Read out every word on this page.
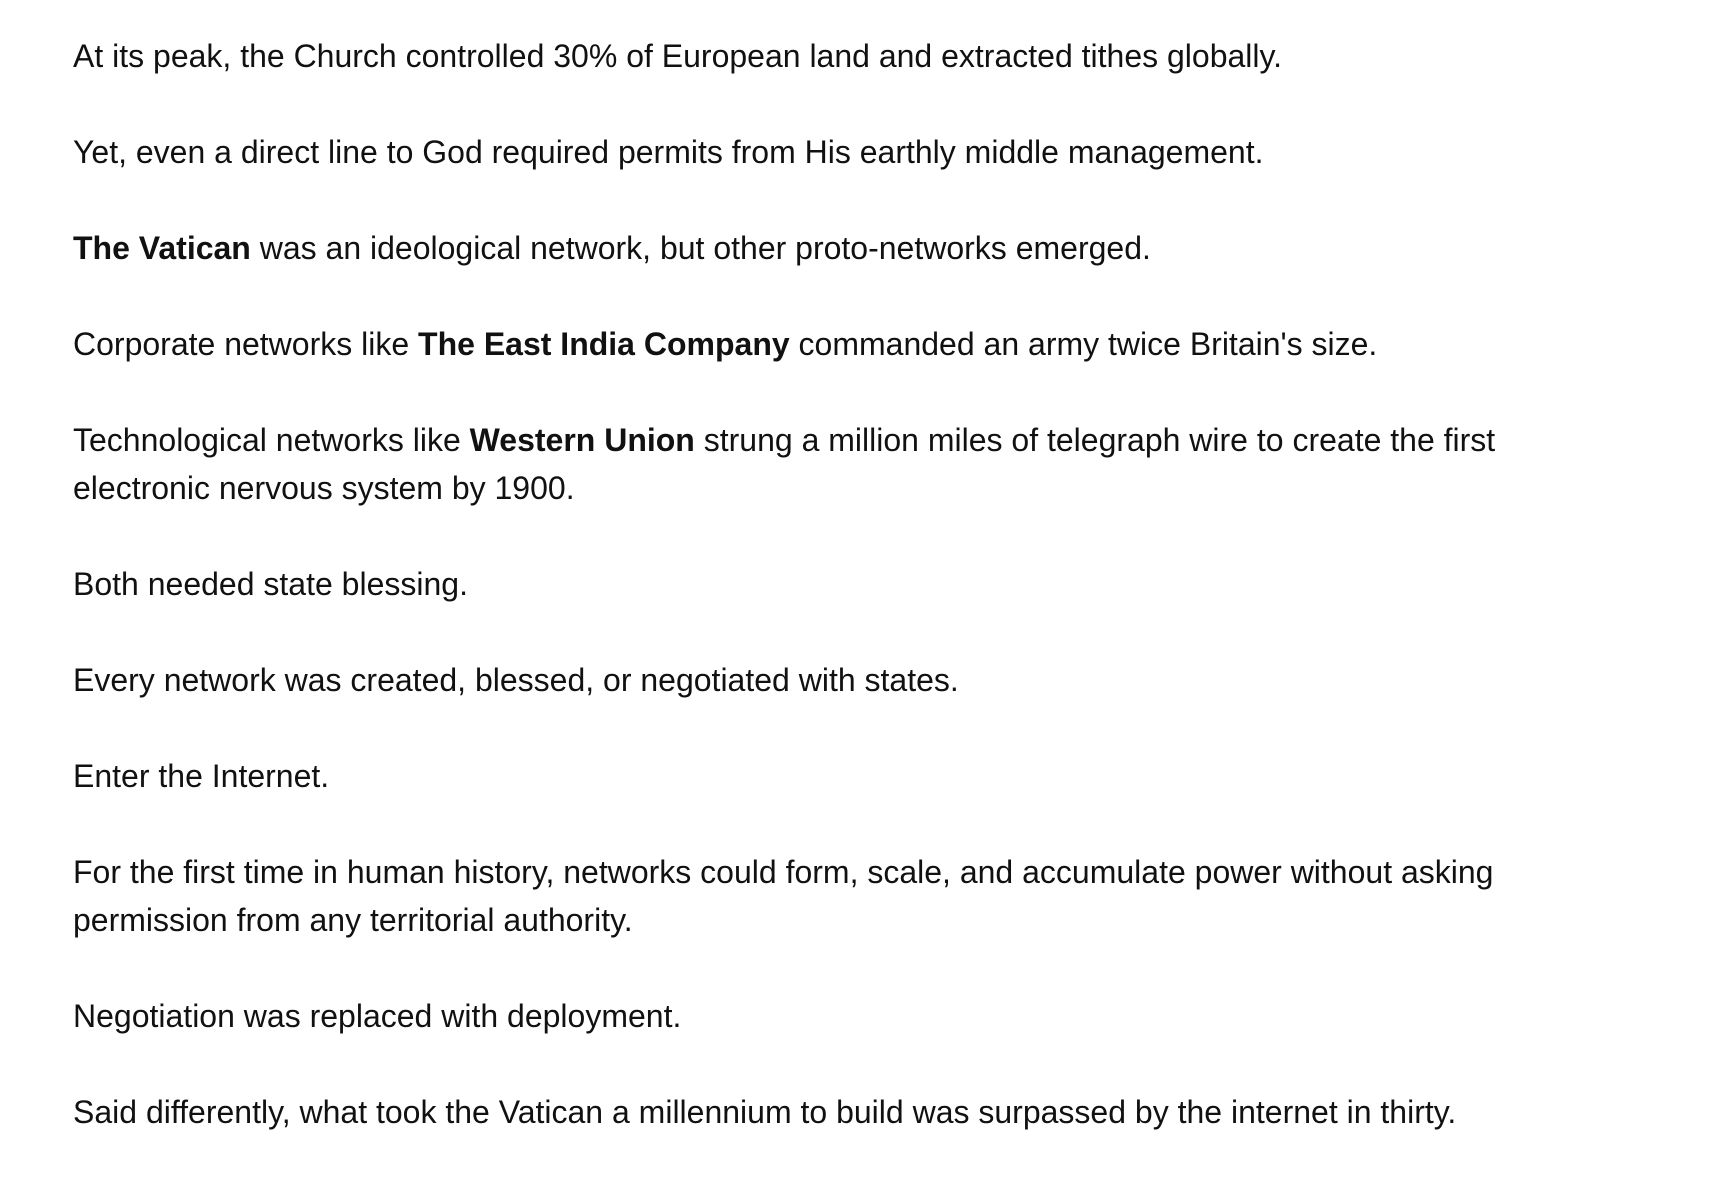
At its peak, the Church controlled 30% of European land and extracted tithes globally.

Yet, even a direct line to God required permits from His earthly middle management.

The Vatican was an ideological network, but other proto-networks emerged.

Corporate networks like The East India Company commanded an army twice Britain's size.

Technological networks like Western Union strung a million miles of telegraph wire to create the first electronic nervous system by 1900.

Both needed state blessing.

Every network was created, blessed, or negotiated with states.

Enter the Internet.

For the first time in human history, networks could form, scale, and accumulate power without asking permission from any territorial authority.

Negotiation was replaced with deployment.

Said differently, what took the Vatican a millennium to build was surpassed by the internet in thirty.
